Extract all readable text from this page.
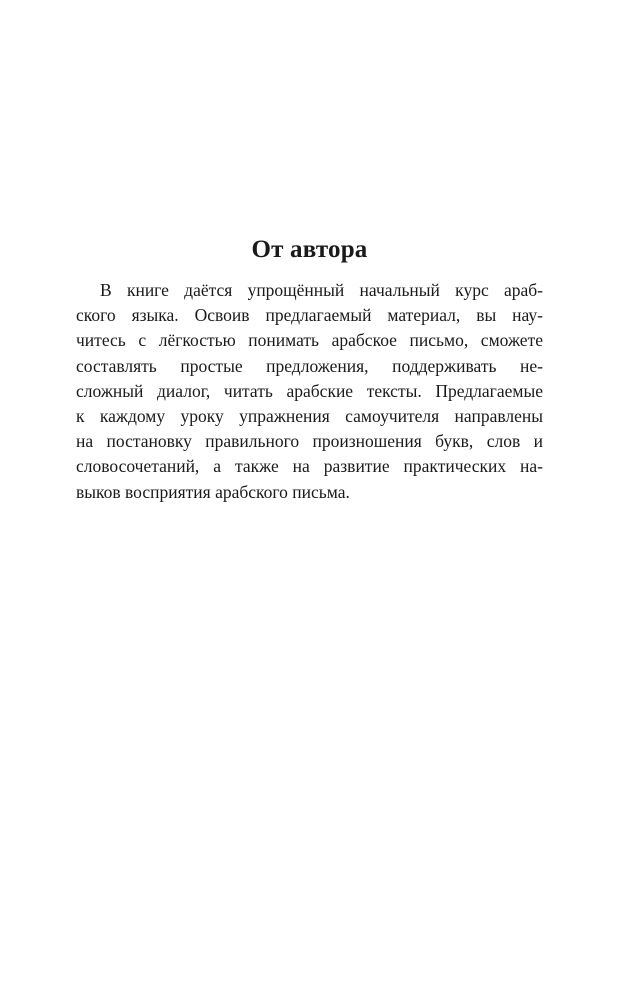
От автора
В книге даётся упрощённый начальный курс араб-
ского языка. Освоив предлагаемый материал, вы нау-
читесь с лёгкостью понимать арабское письмо, сможете
составлять простые предложения, поддерживать не-
сложный диалог, читать арабские тексты. Предлагаемые
к каждому уроку упражнения самоучителя направлены
на постановку правильного произношения букв, слов и
словосочетаний, а также на развитие практических на-
выков восприятия арабского письма.
